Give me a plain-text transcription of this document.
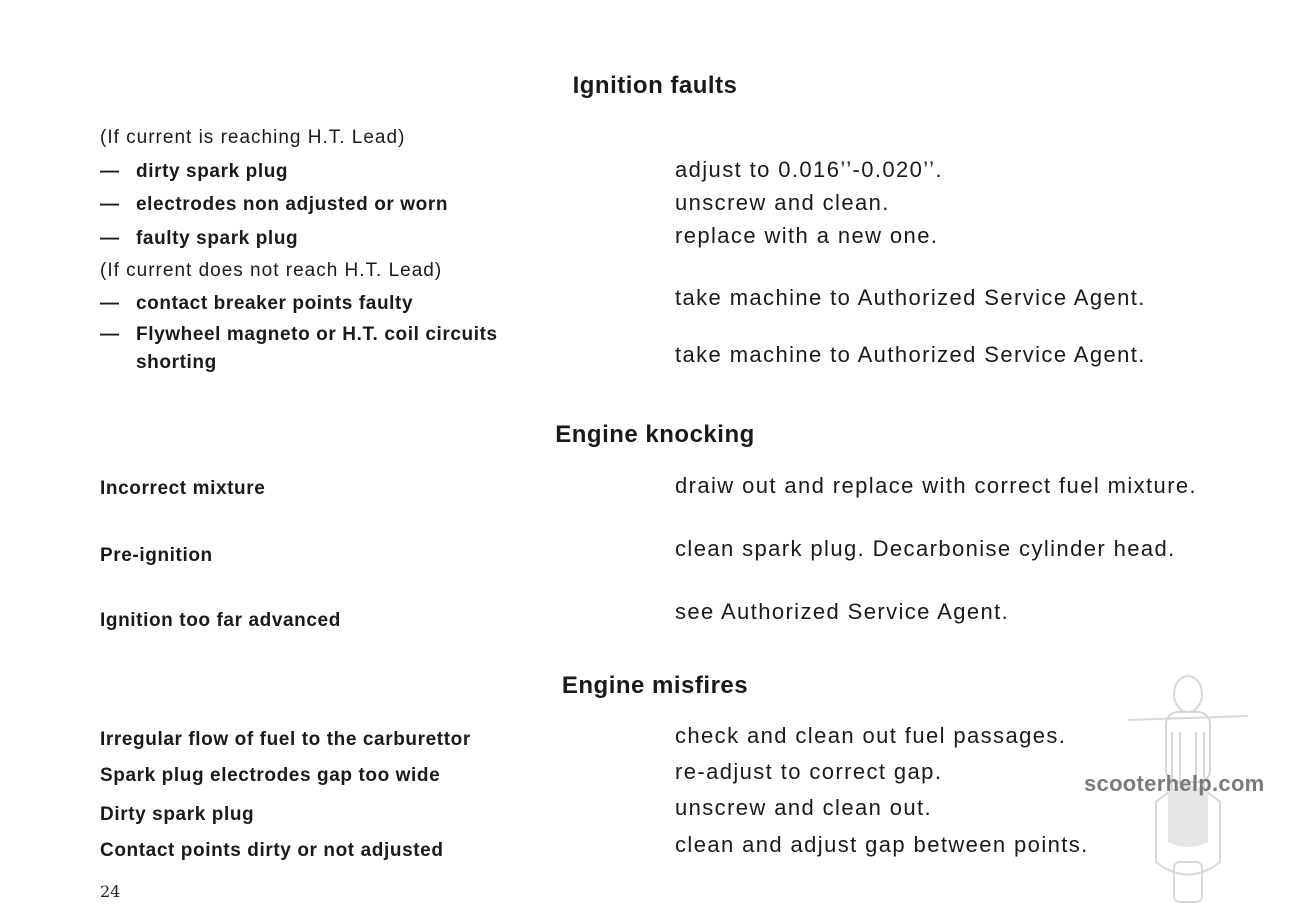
Ignition faults
(If current is reaching H.T. Lead)
— dirty spark plug	adjust to 0.016’’-0.020’’.
— electrodes non adjusted or worn	unscrew and clean.
— faulty spark plug	replace with a new one.
(If current does not reach H.T. Lead)
— contact breaker points faulty	take machine to Authorized Service Agent.
— Flywheel magneto or H.T. coil circuits
shorting	take machine to Authorized Service Agent.
Engine knocking
Incorrect mixture	draiw out and replace with correct fuel mixture.
Pre-ignition	clean spark plug. Decarbonise cylinder head.
Ignition too far advanced	see Authorized Service Agent.
Engine misfires
Irregular flow of fuel to the carburettor	check and clean out fuel passages.
Spark plug electrodes gap too wide	re-adjust to correct gap.
Dirty spark plug	unscrew and clean out.
Contact points dirty or not adjusted	clean and adjust gap between points.
scooterhelp.com
24
